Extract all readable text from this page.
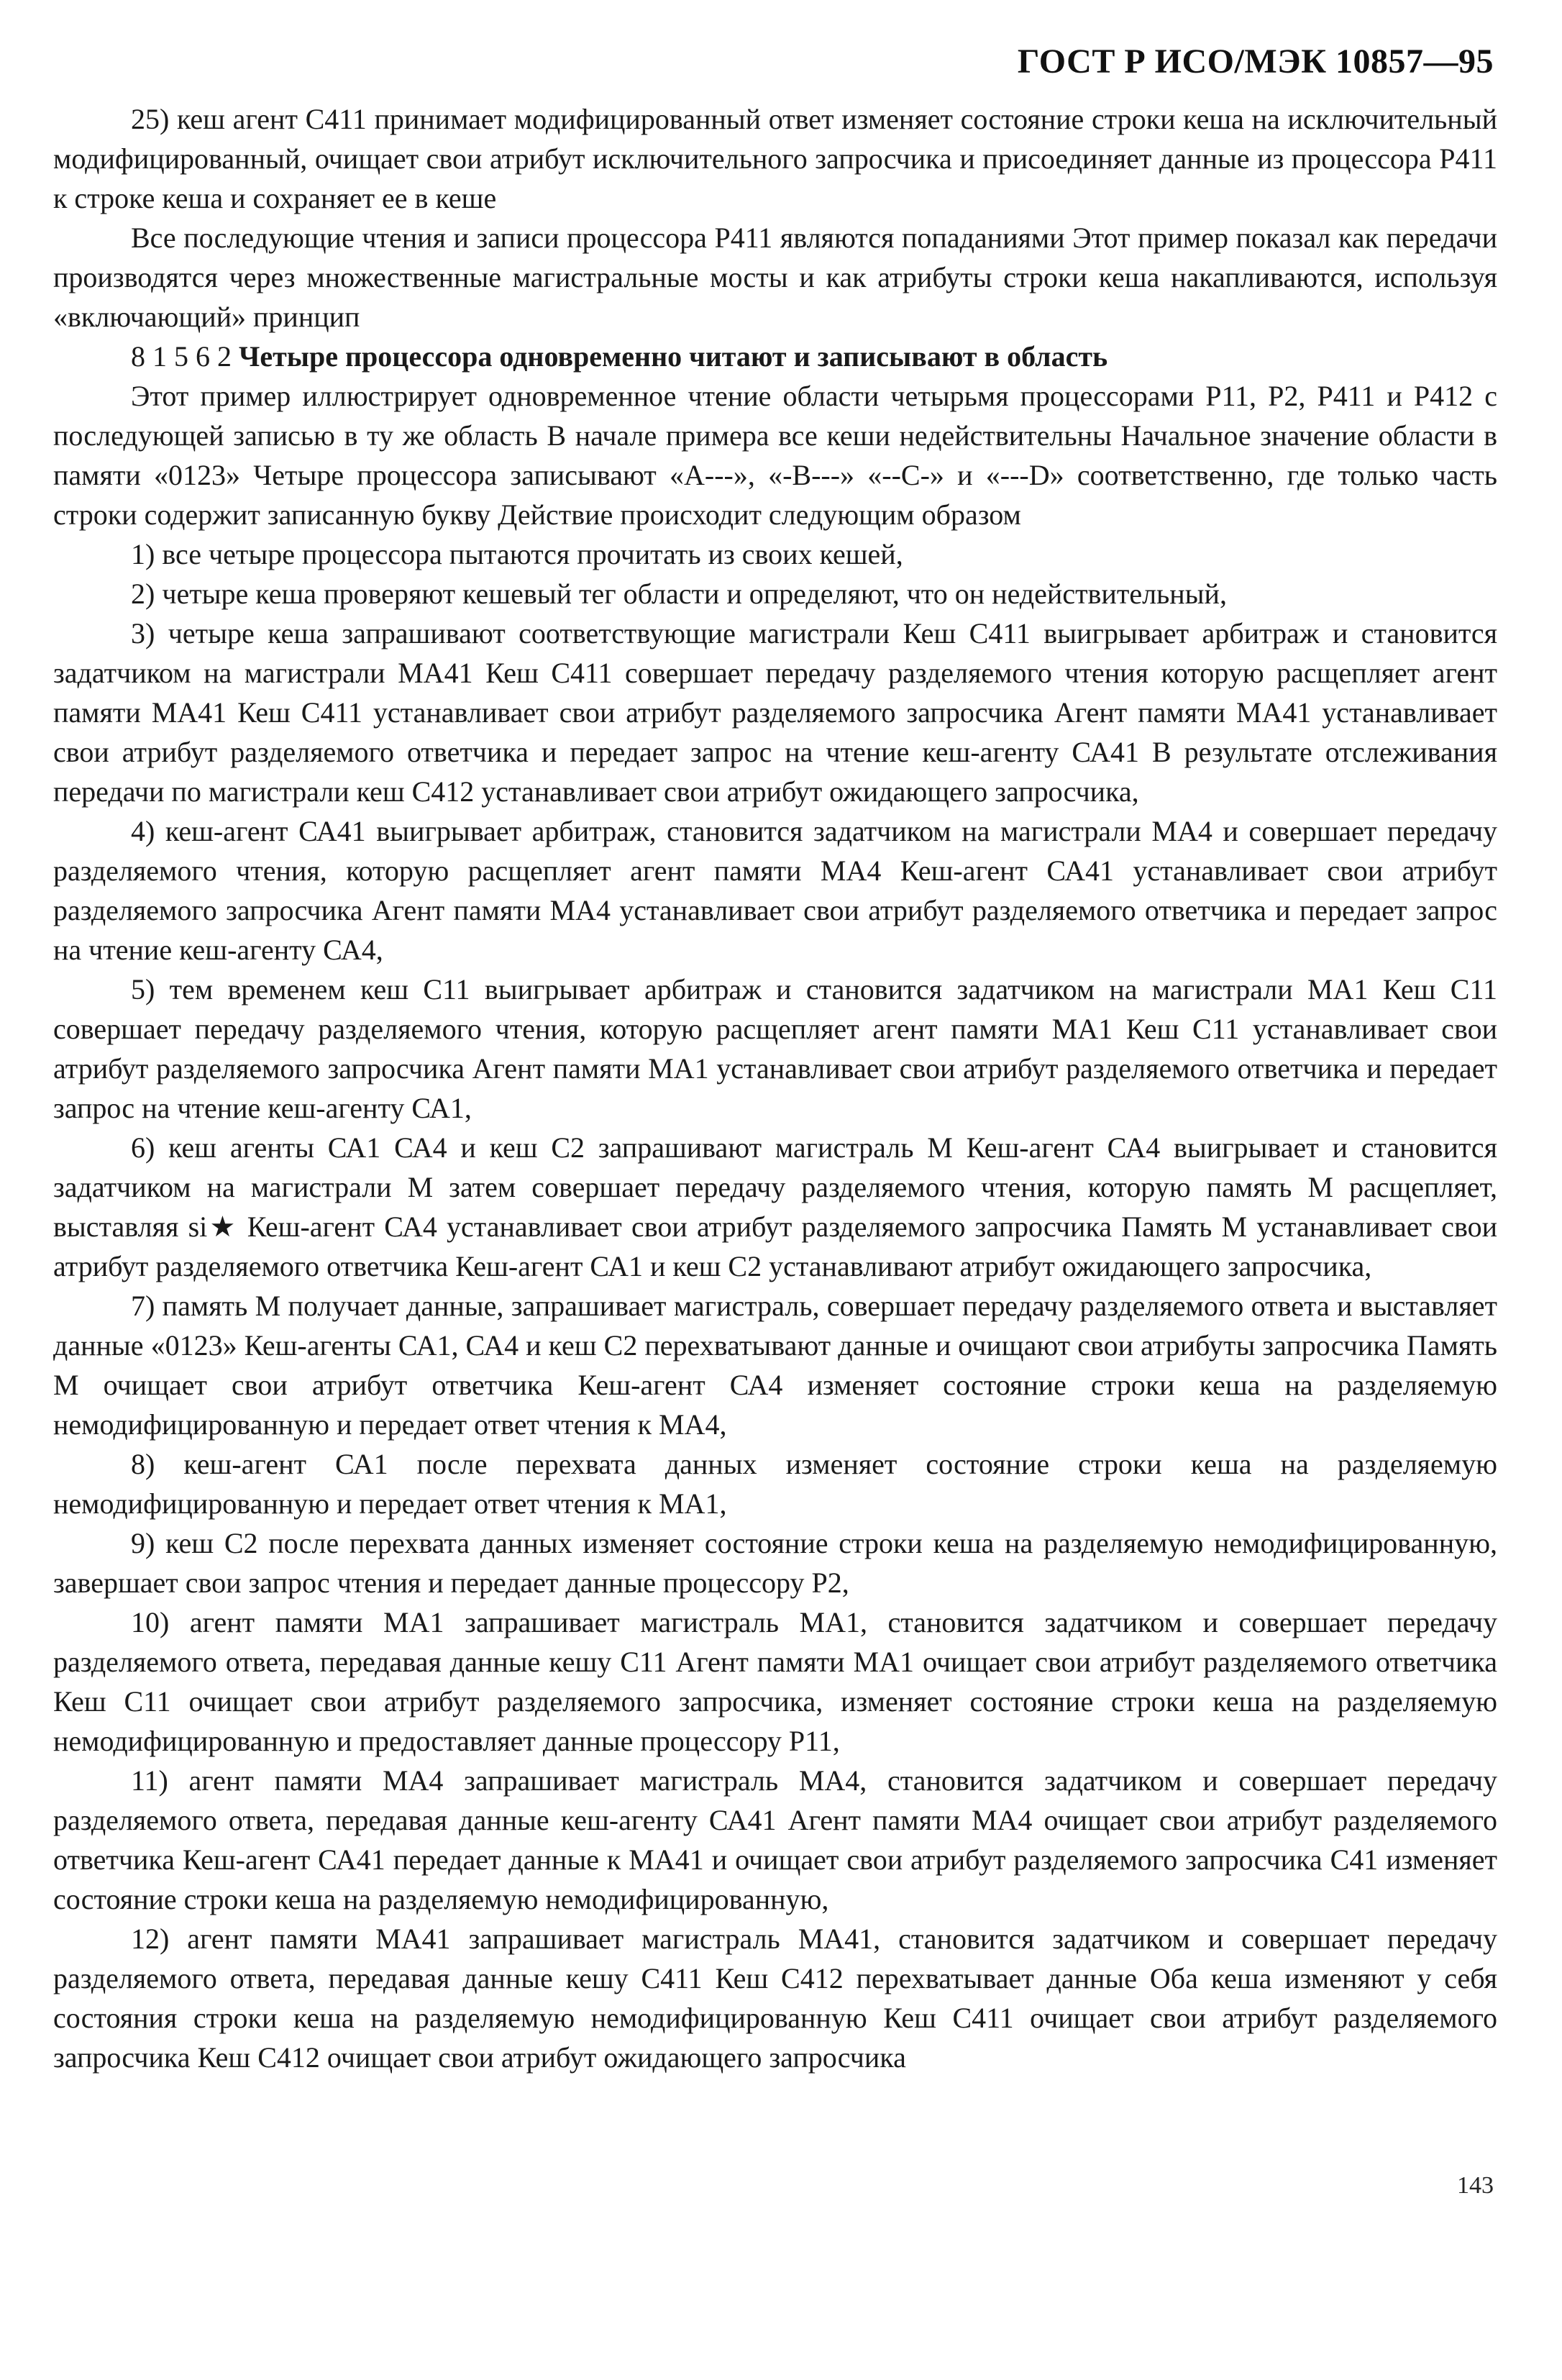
ГОСТ Р ИСО/МЭК 10857—95

25) кеш агент С411 принимает модифицированный ответ изменяет состояние строки кеша на исключительный модифицированный, очищает свои атрибут исключительного запросчика и присоединяет данные из процессора Р411 к строке кеша и сохраняет ее в кеше

Все последующие чтения и записи процессора Р411 являются попаданиями Этот пример показал как передачи производятся через множественные магистральные мосты и как атрибуты строки кеша накапливаются, используя «включающий» принцип

8 1 5 6 2 Четыре процессора одновременно читают и записывают в область

Этот пример иллюстрирует одновременное чтение области четырьмя процессорами Р11, Р2, Р411 и Р412 с последующей записью в ту же область В начале примера все кеши недействительны Начальное значение области в памяти «0123» Четыре процессора записывают «А---», «-В---» «--С-» и «---D» соответственно, где только часть строки содержит записанную букву Действие происходит следующим образом

1) все четыре процессора пытаются прочитать из своих кешей,

2) четыре кеша проверяют кешевый тег области и определяют, что он недействительный,

3) четыре кеша запрашивают соответствующие магистрали Кеш С411 выигрывает арбитраж и становится задатчиком на магистрали МА41 Кеш С411 совершает передачу разделяемого чтения которую расщепляет агент памяти МА41 Кеш С411 устанавливает свои атрибут разделяемого запросчика Агент памяти МА41 устанавливает свои атрибут разделяемого ответчика и передает запрос на чтение кеш-агенту СА41 В результате отслеживания передачи по магистрали кеш С412 устанавливает свои атрибут ожидающего запросчика,

4) кеш-агент СА41 выигрывает арбитраж, становится задатчиком на магистрали МА4 и совершает передачу разделяемого чтения, которую расщепляет агент памяти МА4 Кеш-агент СА41 устанавливает свои атрибут разделяемого запросчика Агент памяти МА4 устанавливает свои атрибут разделяемого ответчика и передает запрос на чтение кеш-агенту СА4,

5) тем временем кеш С11 выигрывает арбитраж и становится задатчиком на магистрали МА1 Кеш С11 совершает передачу разделяемого чтения, которую расщепляет агент памяти МА1 Кеш С11 устанавливает свои атрибут разделяемого запросчика Агент памяти МА1 устанавливает свои атрибут разделяемого ответчика и передает запрос на чтение кеш-агенту СА1,

6) кеш агенты СА1 СА4 и кеш С2 запрашивают магистраль М Кеш-агент СА4 выигрывает и становится задатчиком на магистрали М затем совершает передачу разделяемого чтения, которую память М расщепляет, выставляя si★ Кеш-агент СА4 устанавливает свои атрибут разделяемого запросчика Память М устанавливает свои атрибут разделяемого ответчика Кеш-агент СА1 и кеш С2 устанавливают атрибут ожидающего запросчика,

7) память М получает данные, запрашивает магистраль, совершает передачу разделяемого ответа и выставляет данные «0123» Кеш-агенты СА1, СА4 и кеш С2 перехватывают данные и очищают свои атрибуты запросчика Память М очищает свои атрибут ответчика Кеш-агент СА4 изменяет состояние строки кеша на разделяемую немодифицированную и передает ответ чтения к МА4,

8) кеш-агент СА1 после перехвата данных изменяет состояние строки кеша на разделяемую немодифицированную и передает ответ чтения к МА1,

9) кеш С2 после перехвата данных изменяет состояние строки кеша на разделяемую немодифицированную, завершает свои запрос чтения и передает данные процессору Р2,

10) агент памяти МА1 запрашивает магистраль МА1, становится задатчиком и совершает передачу разделяемого ответа, передавая данные кешу С11 Агент памяти МА1 очищает свои атрибут разделяемого ответчика Кеш С11 очищает свои атрибут разделяемого запросчика, изменяет состояние строки кеша на разделяемую немодифицированную и предоставляет данные процессору Р11,

11) агент памяти МА4 запрашивает магистраль МА4, становится задатчиком и совершает передачу разделяемого ответа, передавая данные кеш-агенту СА41 Агент памяти МА4 очищает свои атрибут разделяемого ответчика Кеш-агент СА41 передает данные к МА41 и очищает свои атрибут разделяемого запросчика С41 изменяет состояние строки кеша на разделяемую немодифицированную,

12) агент памяти МА41 запрашивает магистраль МА41, становится задатчиком и совершает передачу разделяемого ответа, передавая данные кешу С411 Кеш С412 перехватывает данные Оба кеша изменяют у себя состояния строки кеша на разделяемую немодифицированную Кеш С411 очищает свои атрибут разделяемого запросчика Кеш С412 очищает свои атрибут ожидающего запросчика

143
